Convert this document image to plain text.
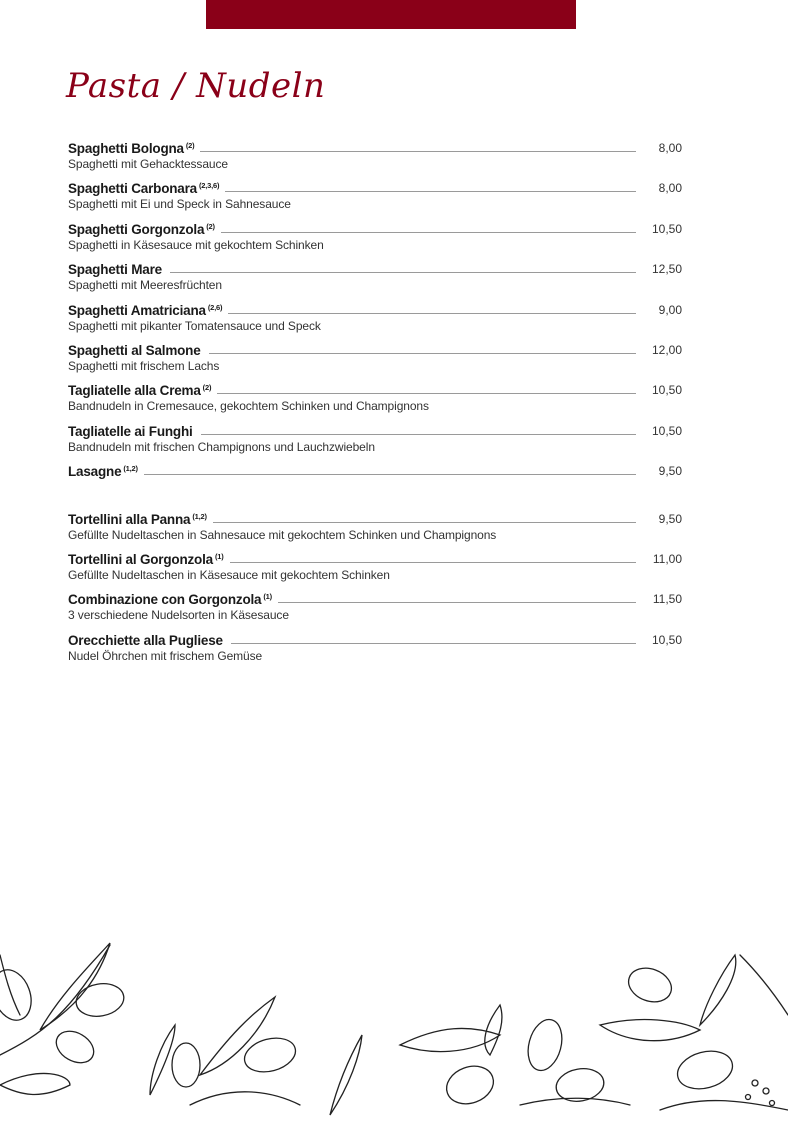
Pasta / Nudeln
Spaghetti Bologna $^{(2)}$	8,00
Spaghetti mit Gehacktessauce
Spaghetti Carbonara $^{(2,3,6)}$	8,00
Spaghetti mit Ei und Speck in Sahnesauce
Spaghetti Gorgonzola $^{(2)}$	10,50
Spaghetti in Käsesauce mit gekochtem Schinken
Spaghetti Mare	12,50
Spaghetti mit Meeresfrüchten
Spaghetti Amatriciana $^{(2,6)}$	9,00
Spaghetti mit pikanter Tomatensauce und Speck
Spaghetti al Salmone	12,00
Spaghetti mit frischem Lachs
Tagliatelle alla Crema $^{(2)}$	10,50
Bandnudeln in Cremesauce, gekochtem Schinken und Champignons
Tagliatelle ai Funghi	10,50
Bandnudeln mit frischen Champignons und Lauchzwiebeln
Lasagne $^{(1,2)}$	9,50
Tortellini alla Panna $^{(1,2)}$	9,50
Gefüllte Nudeltaschen in Sahnesauce mit gekochtem Schinken und Champignons
Tortellini al Gorgonzola $^{(1)}$	11,00
Gefüllte Nudeltaschen in Käsesauce mit gekochtem Schinken
Combinazione con Gorgonzola $^{(1)}$	11,50
3 verschiedene Nudelsorten in Käsesauce
Orecchiette alla Pugliese	10,50
Nudel Öhrchen mit frischem Gemüse
